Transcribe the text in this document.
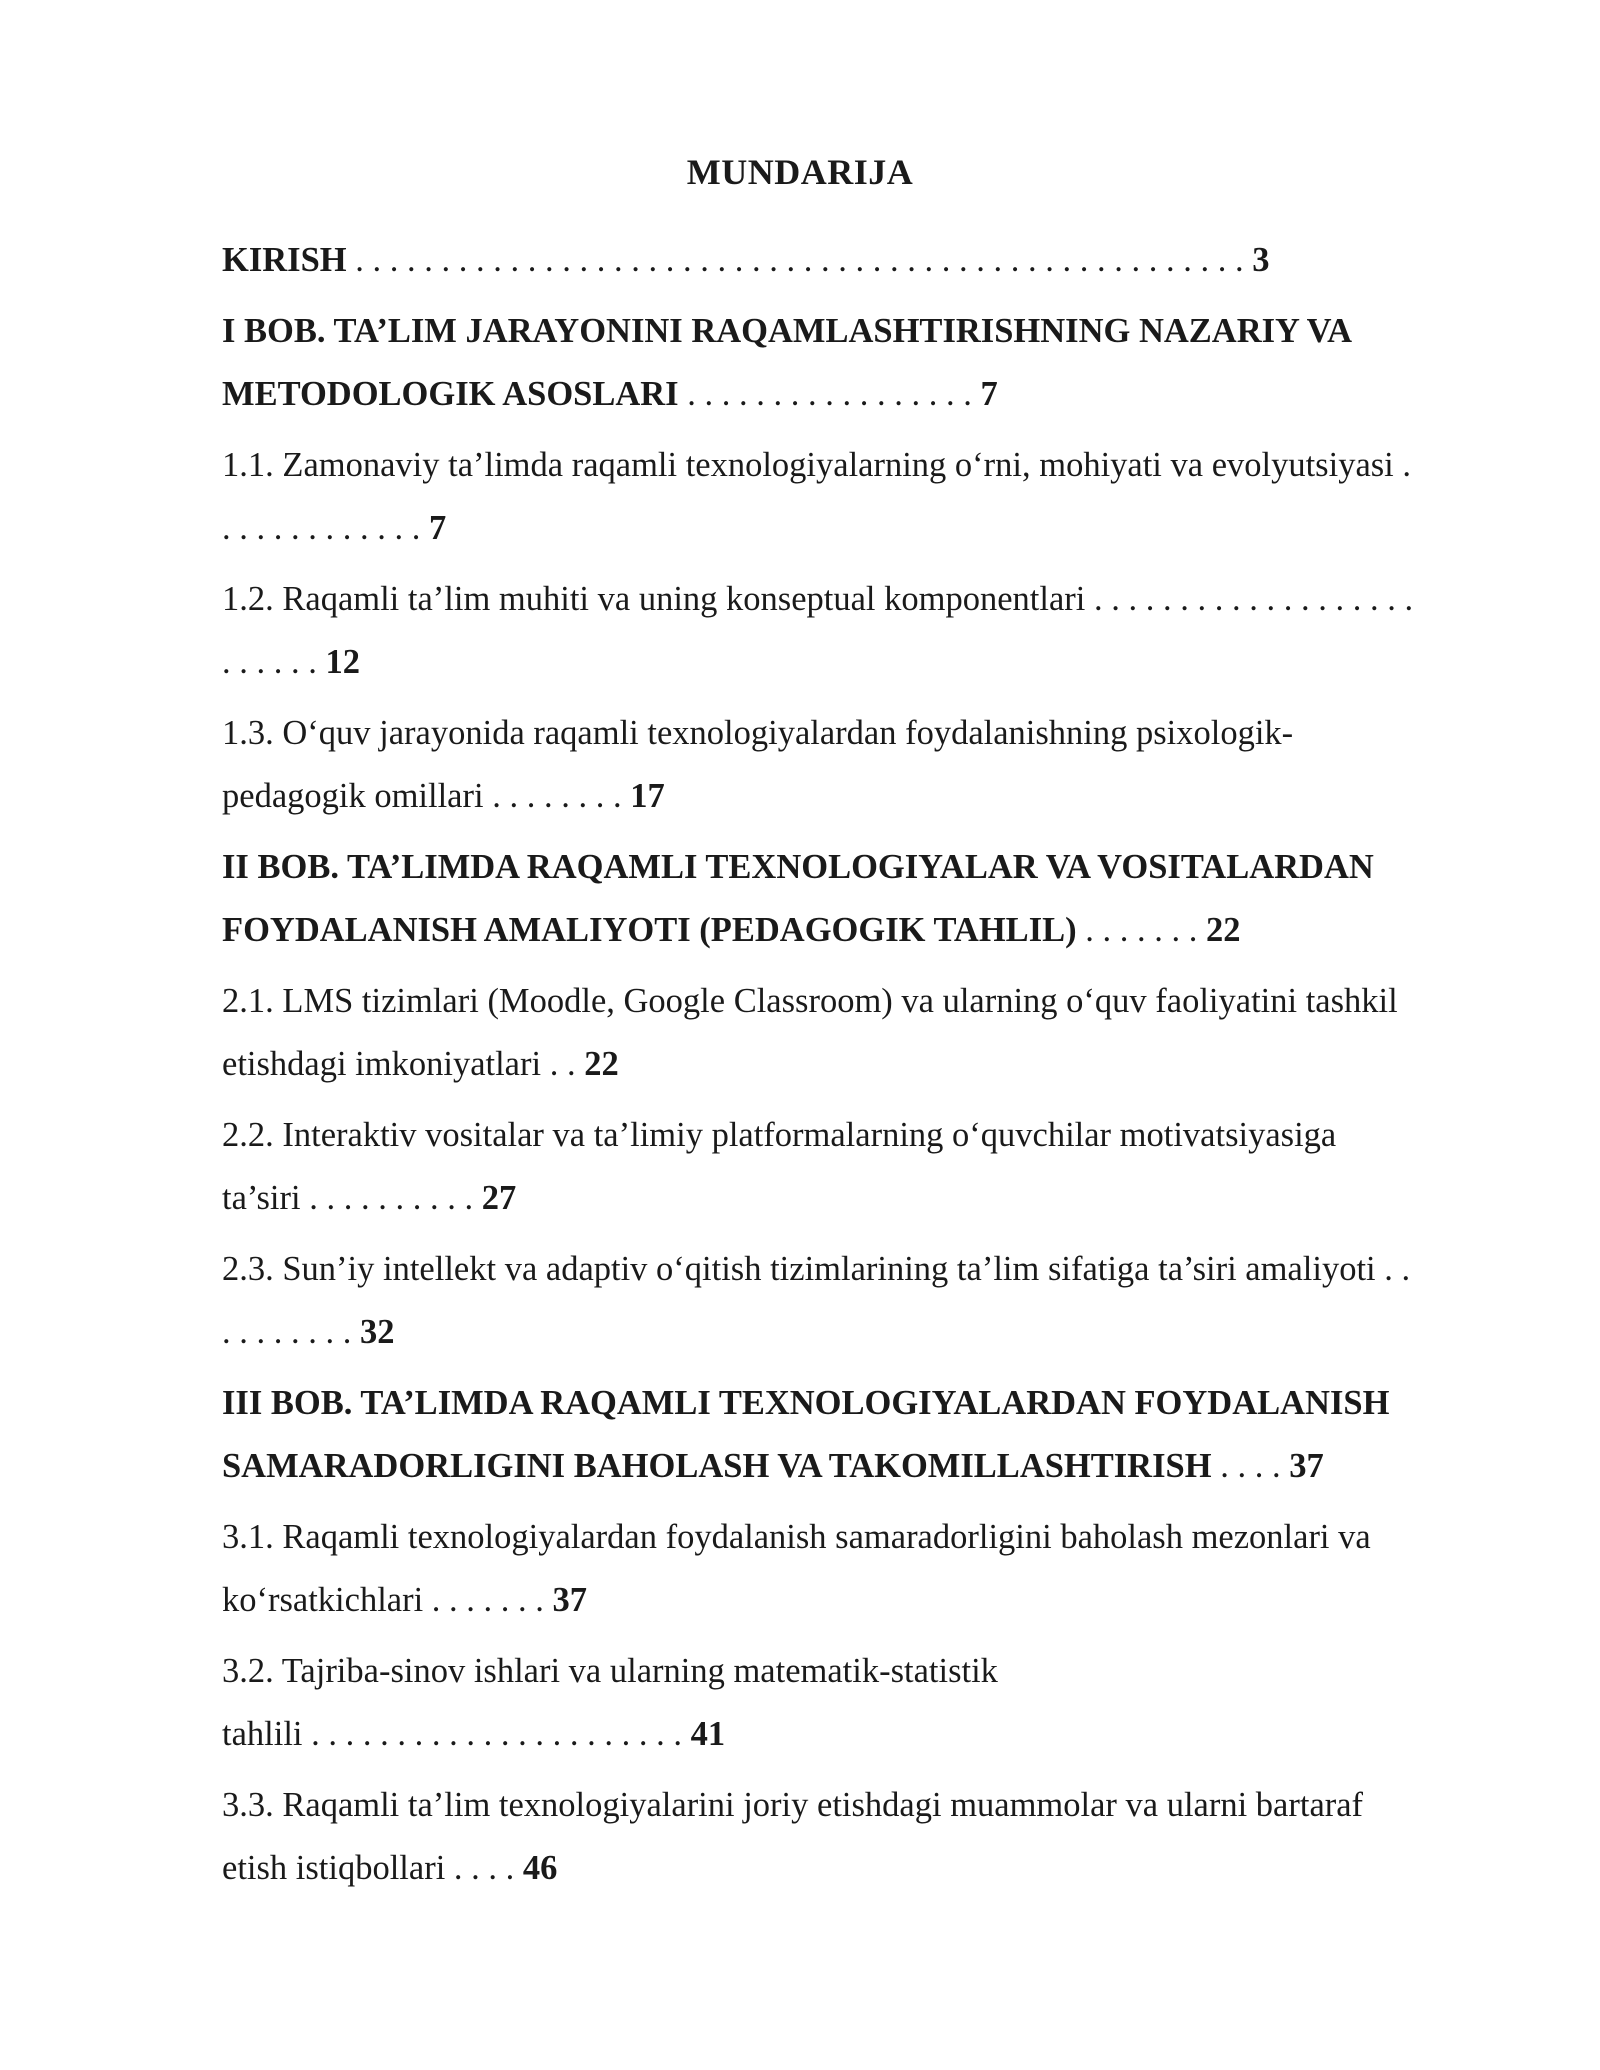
MUNDARIJA
KIRISH . . . . . . . . . . . . . . . . . . . . . . . . . . . . . . . . . . . . . . . . . . . . . . . . . . . . 3
I BOB. TA’LIM JARAYONINI RAQAMLASHTIRISHNING NAZARIY VA
METODOLOGIK ASOSLARI . . . . . . . . . . . . . . . . . 7
1.1. Zamonaviy ta’limda raqamli texnologiyalarning o‘rni, mohiyati va evolyutsiyasi .
. . . . . . . . . . . . 7
1.2. Raqamli ta’lim muhiti va uning konseptual komponentlari . . . . . . . . . . . . . . . . . . .
. . . . . . 12
1.3. O‘quv jarayonida raqamli texnologiyalardan foydalanishning psixologik-
pedagogik omillari . . . . . . . . 17
II BOB. TA’LIMDA RAQAMLI TEXNOLOGIYALAR VA VOSITALARDAN
FOYDALANISH AMALIYOTI (PEDAGOGIK TAHLIL) . . . . . . . 22
2.1. LMS tizimlari (Moodle, Google Classroom) va ularning o‘quv faoliyatini tashkil
etishdagi imkoniyatlari . . 22
2.2. Interaktiv vositalar va ta’limiy platformalarning o‘quvchilar motivatsiyasiga
ta’siri . . . . . . . . . . 27
2.3. Sun’iy intellekt va adaptiv o‘qitish tizimlarining ta’lim sifatiga ta’siri amaliyoti . .
. . . . . . . . 32
III BOB. TA’LIMDA RAQAMLI TEXNOLOGIYALARDAN FOYDALANISH
SAMARADORLIGINI BAHOLASH VA TAKOMILLASHTIRISH . . . . 37
3.1. Raqamli texnologiyalardan foydalanish samaradorligini baholash mezonlari va
ko‘rsatkichlari . . . . . . . 37
3.2. Tajriba-sinov ishlari va ularning matematik-statistik
tahlili . . . . . . . . . . . . . . . . . . . . . . 41
3.3. Raqamli ta’lim texnologiyalarini joriy etishdagi muammolar va ularni bartaraf
etish istiqbollari . . . . 46
